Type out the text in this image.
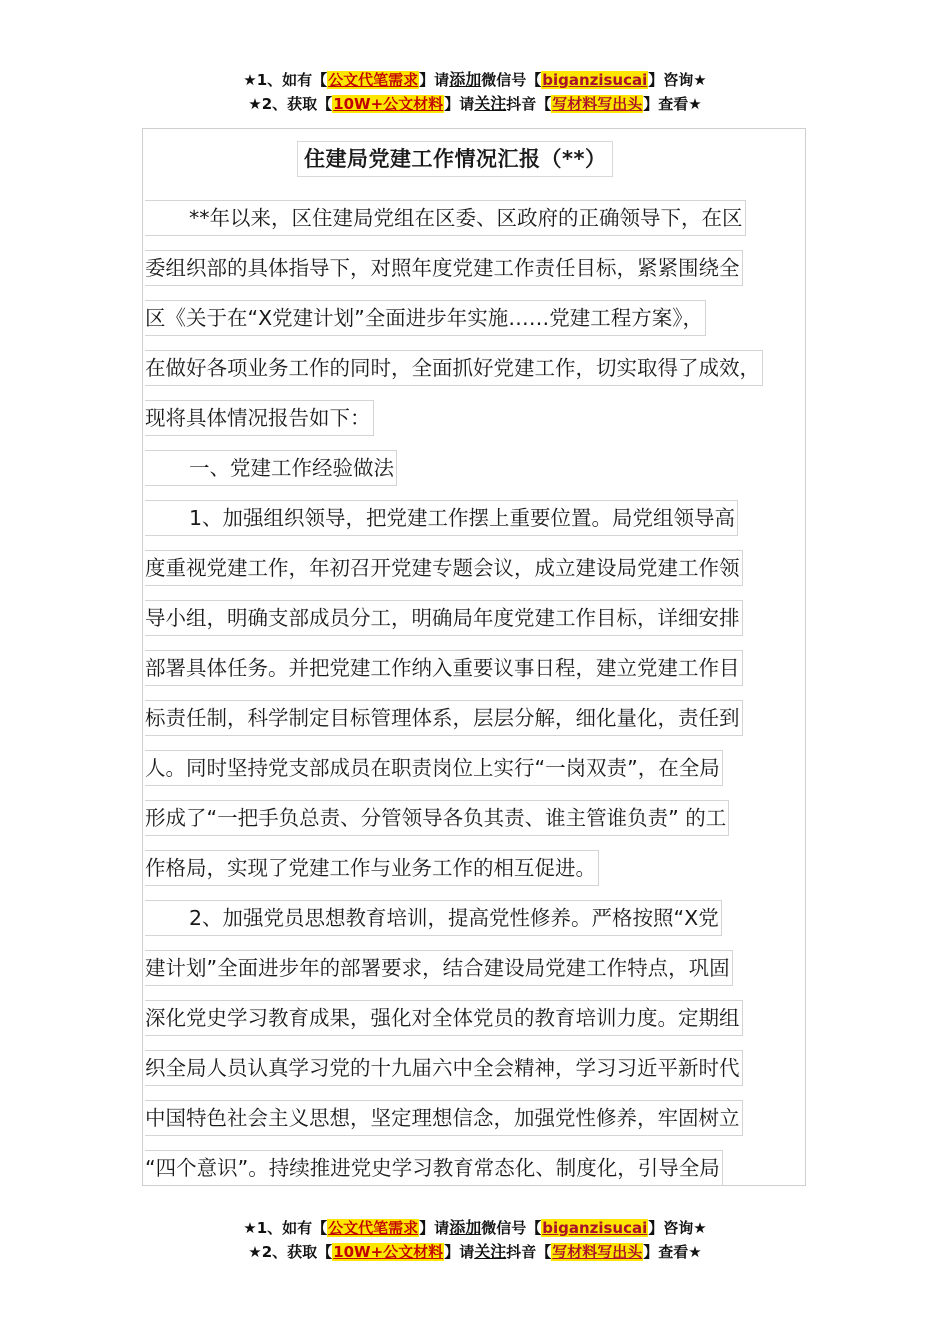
★1、如有【公文代笔需求】请添加微信号【biganzisucai】咨询★
★2、获取【10W+公文材料】请关注抖音【写材料写出头】查看★
住建局党建工作情况汇报（**）
**年以来，区住建局党组在区委、区政府的正确领导下，在区
委组织部的具体指导下，对照年度党建工作责任目标，紧紧围绕全
区《关于在“X党建计划”全面进步年实施……党建工程方案》，
在做好各项业务工作的同时，全面抓好党建工作，切实取得了成效，
现将具体情况报告如下：
一、党建工作经验做法
1、加强组织领导，把党建工作摆上重要位置。局党组领导高
度重视党建工作，年初召开党建专题会议，成立建设局党建工作领
导小组，明确支部成员分工，明确局年度党建工作目标，详细安排
部署具体任务。并把党建工作纳入重要议事日程，建立党建工作目
标责任制，科学制定目标管理体系，层层分解，细化量化，责任到
人。同时坚持党支部成员在职责岗位上实行“一岗双责”，在全局
形成了“一把手负总责、分管领导各负其责、谁主管谁负责” 的工
作格局，实现了党建工作与业务工作的相互促进。
2、加强党员思想教育培训，提高党性修养。严格按照“X党
建计划”全面进步年的部署要求，结合建设局党建工作特点，巩固
深化党史学习教育成果，强化对全体党员的教育培训力度。定期组
织全局人员认真学习党的十九届六中全会精神，学习习近平新时代
中国特色社会主义思想，坚定理想信念，加强党性修养，牢固树立
“四个意识”。持续推进党史学习教育常态化、制度化，引导全局
★1、如有【公文代笔需求】请添加微信号【biganzisucai】咨询★
★2、获取【10W+公文材料】请关注抖音【写材料写出头】查看★
